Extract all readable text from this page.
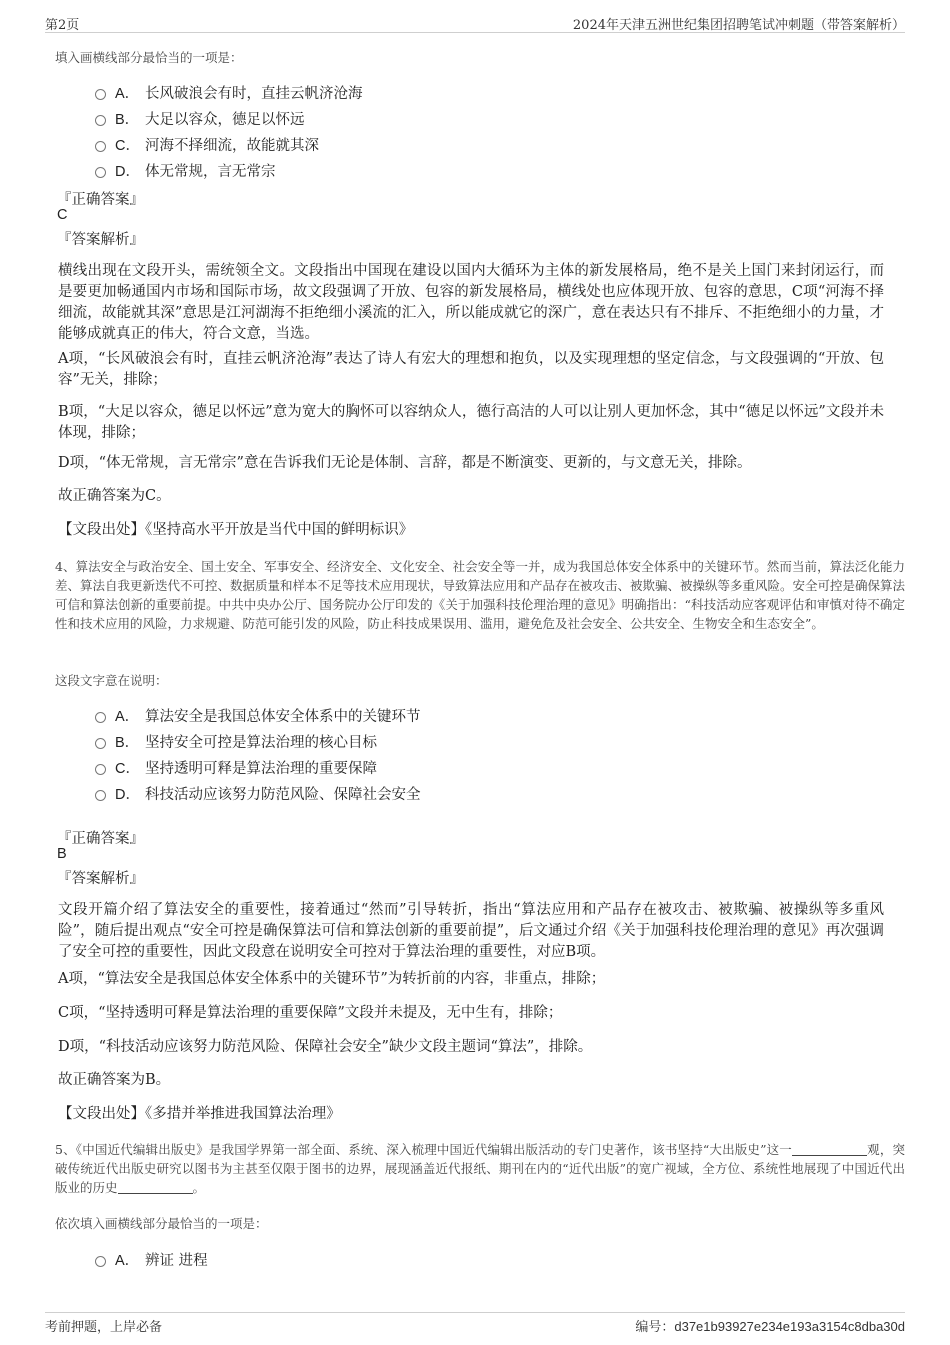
第2页	2024年天津五洲世纪集团招聘笔试冲刺题（带答案解析）
填入画横线部分最恰当的一项是：
A． 长风破浪会有时，直挂云帆济沧海
B． 大足以容众，德足以怀远
C． 河海不择细流，故能就其深
D． 体无常规，言无常宗
『正确答案』
C
『答案解析』
横线出现在文段开头，需统领全文。文段指出中国现在建设以国内大循环为主体的新发展格局，绝不是关上国门来封闭运行，而是要更加畅通国内市场和国际市场，故文段强调了开放、包容的新发展格局，横线处也应体现开放、包容的意思，C项“河海不择细流，故能就其深”意思是江河湖海不拒绝细小溪流的汇入，所以能成就它的深广，意在表达只有不排斥、不拒绝细小的力量，才能够成就真正的伟大，符合文意，当选。
A项，“长风破浪会有时，直挂云帆济沧海”表达了诗人有宏大的理想和抱负，以及实现理想的坚定信念，与文段强调的“开放、包容”无关，排除；
B项，“大足以容众，德足以怀远”意为宽大的胸怀可以容纳众人，德行高洁的人可以让别人更加怀念，其中“德足以怀远”文段并未体现，排除；
D项，“体无常规，言无常宗”意在告诉我们无论是体制、言辞，都是不断演变、更新的，与文意无关，排除。
故正确答案为C。
【文段出处】《坚持高水平开放是当代中国的鲜明标识》
4、算法安全与政治安全、国土安全、军事安全、经济安全、文化安全、社会安全等一并，成为我国总体安全体系中的关键环节。然而当前，算法泛化能力差、算法自我更新迭代不可控、数据质量和样本不足等技术应用现状，导致算法应用和产品存在被攻击、被欺骗、被操纵等多重风险。安全可控是确保算法可信和算法创新的重要前提。中共中央办公厅、国务院办公厅印发的《关于加强科技伦理治理的意见》明确指出：“科技活动应客观评估和审慎对待不确定性和技术应用的风险，力求规避、防范可能引发的风险，防止科技成果误用、滥用，避免危及社会安全、公共安全、生物安全和生态安全”。
这段文字意在说明：
A． 算法安全是我国总体安全体系中的关键环节
B． 坚持安全可控是算法治理的核心目标
C． 坚持透明可释是算法治理的重要保障
D． 科技活动应该努力防范风险、保障社会安全
『正确答案』
B
『答案解析』
文段开篇介绍了算法安全的重要性，接着通过“然而”引导转折，指出“算法应用和产品存在被攻击、被欺骗、被操纵等多重风险”，随后提出观点“安全可控是确保算法可信和算法创新的重要前提”，后文通过介绍《关于加强科技伦理治理的意见》再次强调了安全可控的重要性，因此文段意在说明安全可控对于算法治理的重要性，对应B项。
A项，“算法安全是我国总体安全体系中的关键环节”为转折前的内容，非重点，排除；
C项，“坚持透明可释是算法治理的重要保障”文段并未提及，无中生有，排除；
D项，“科技活动应该努力防范风险、保障社会安全”缺少文段主题词“算法”，排除。
故正确答案为B。
【文段出处】《多措并举推进我国算法治理》
5、《中国近代编辑出版史》是我国学界第一部全面、系统、深入梳理中国近代编辑出版活动的专门史著作，该书坚持“大出版史”这一	观，突破传统近代出版史研究以图书为主甚至仅限于图书的边界，展现涵盖近代报纸、期刊在内的“近代出版”的宽广视域，全方位、系统性地展现了中国近代出版业的历史	。
依次填入画横线部分最恰当的一项是：
A． 辨证 进程
考前押题，上岸必备	编号：d37e1b93927e234e193a3154c8dba30d
